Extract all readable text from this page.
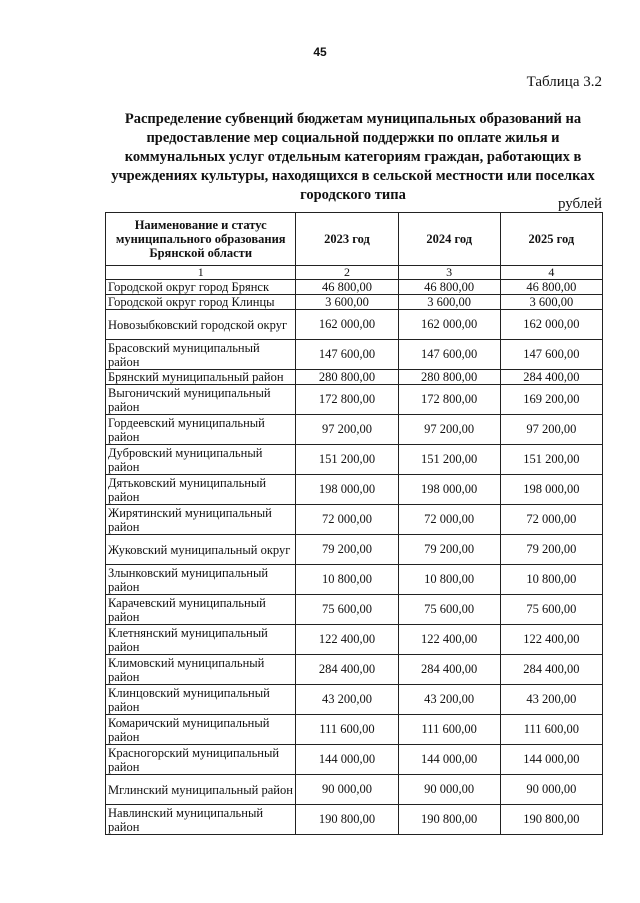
45
Таблица 3.2
Распределение субвенций бюджетам муниципальных образований на предоставление мер социальной поддержки по оплате жилья и коммунальных услуг отдельным категориям граждан, работающих в учреждениях культуры, находящихся в сельской местности или поселках городского типа
рублей
Наименование и статус муниципального образования Брянской области	2023 год	2024 год	2025 год
1	2	3	4
Городской округ город Брянск	46 800,00	46 800,00	46 800,00
Городской округ город Клинцы	3 600,00	3 600,00	3 600,00
Новозыбковский городской округ	162 000,00	162 000,00	162 000,00
Брасовский муниципальный район	147 600,00	147 600,00	147 600,00
Брянский муниципальный район	280 800,00	280 800,00	284 400,00
Выгоничский муниципальный район	172 800,00	172 800,00	169 200,00
Гордеевский муниципальный район	97 200,00	97 200,00	97 200,00
Дубровский муниципальный район	151 200,00	151 200,00	151 200,00
Дятьковский муниципальный район	198 000,00	198 000,00	198 000,00
Жирятинский муниципальный район	72 000,00	72 000,00	72 000,00
Жуковский муниципальный округ	79 200,00	79 200,00	79 200,00
Злынковский муниципальный район	10 800,00	10 800,00	10 800,00
Карачевский муниципальный район	75 600,00	75 600,00	75 600,00
Клетнянский муниципальный район	122 400,00	122 400,00	122 400,00
Климовский муниципальный район	284 400,00	284 400,00	284 400,00
Клинцовский муниципальный район	43 200,00	43 200,00	43 200,00
Комаричский муниципальный район	111 600,00	111 600,00	111 600,00
Красногорский муниципальный район	144 000,00	144 000,00	144 000,00
Мглинский муниципальный район	90 000,00	90 000,00	90 000,00
Навлинский муниципальный район	190 800,00	190 800,00	190 800,00
